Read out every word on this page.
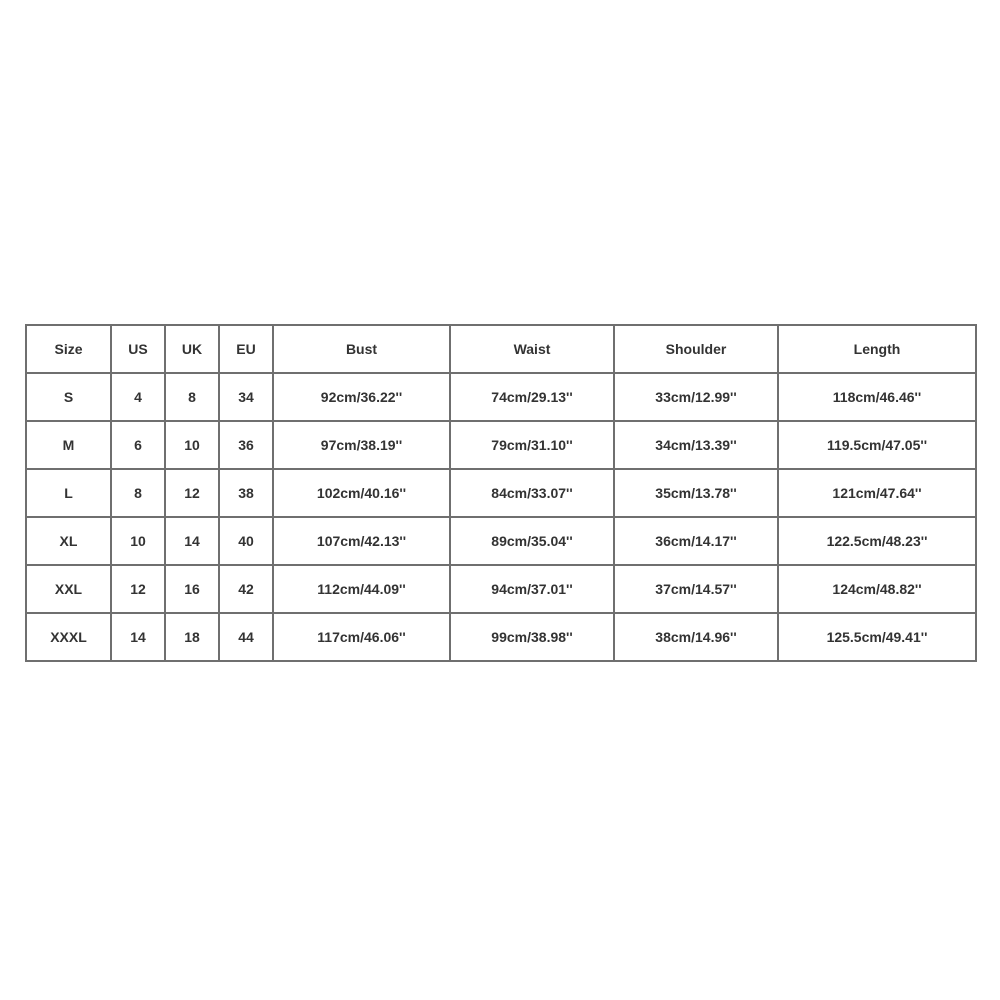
Size	US	UK	EU	Bust	Waist	Shoulder	Length
S	4	8	34	92cm/36.22''	74cm/29.13''	33cm/12.99''	118cm/46.46''
M	6	10	36	97cm/38.19''	79cm/31.10''	34cm/13.39''	119.5cm/47.05''
L	8	12	38	102cm/40.16''	84cm/33.07''	35cm/13.78''	121cm/47.64''
XL	10	14	40	107cm/42.13''	89cm/35.04''	36cm/14.17''	122.5cm/48.23''
XXL	12	16	42	112cm/44.09''	94cm/37.01''	37cm/14.57''	124cm/48.82''
XXXL	14	18	44	117cm/46.06''	99cm/38.98''	38cm/14.96''	125.5cm/49.41''
